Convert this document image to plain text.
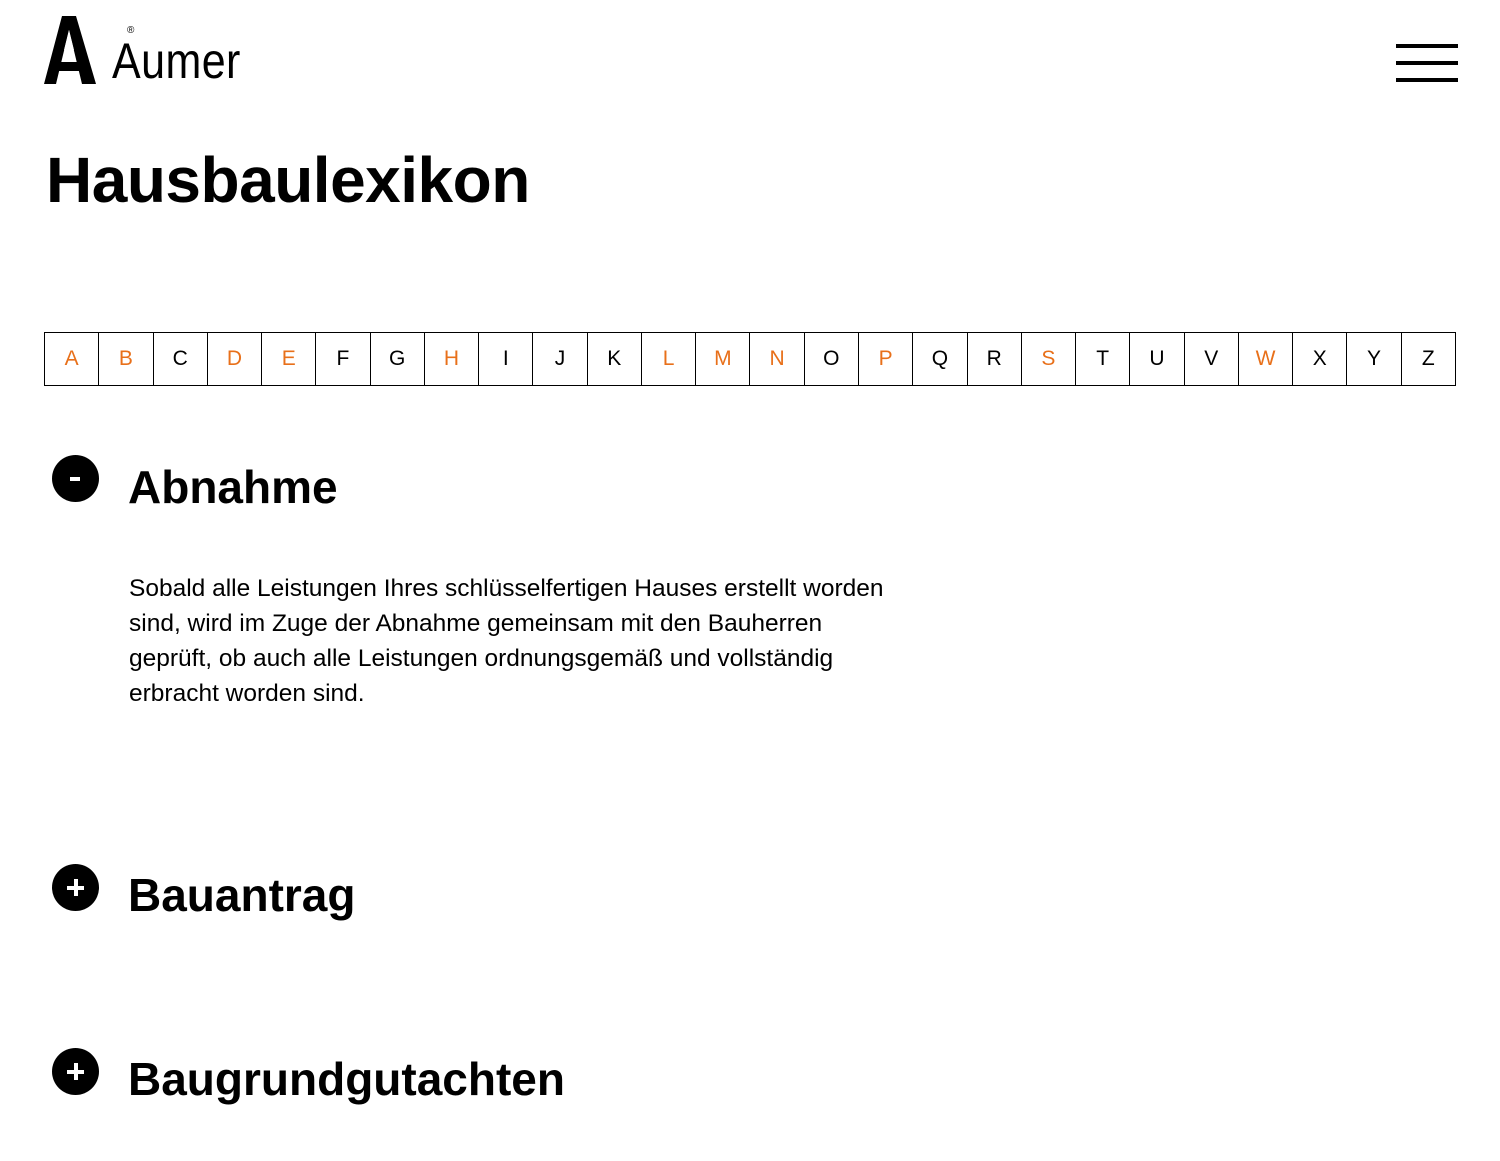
®
Aumer
Hausbaulexikon
A	B	C	D	E	F	G	H	I	J	K	L	M	N	O	P	Q	R	S	T	U	V	W	X	Y	Z
Abnahme
Sobald alle Leistungen Ihres schlüsselfertigen Hauses erstellt worden
sind, wird im Zuge der Abnahme gemeinsam mit den Bauherren
geprüft, ob auch alle Leistungen ordnungsgemäß und vollständig
erbracht worden sind.
Bauantrag
Baugrundgutachten
